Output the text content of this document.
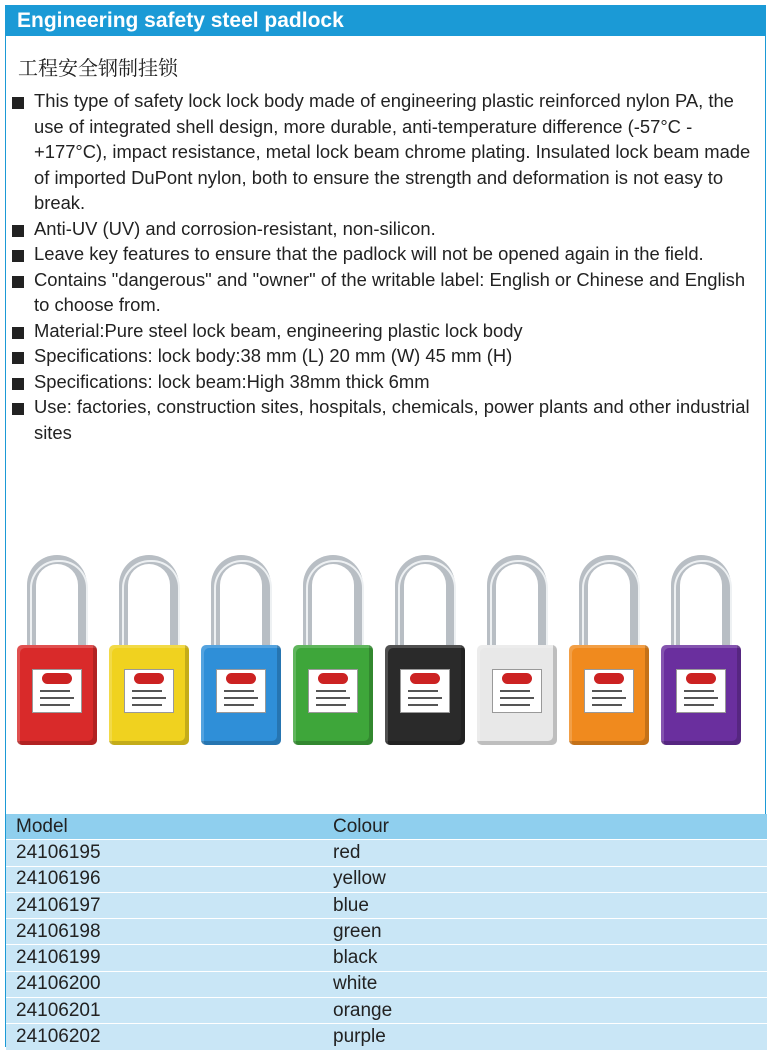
Engineering safety steel padlock
工程安全钢制挂锁
This type of safety lock lock body made of engineering plastic reinforced nylon PA, the use of integrated shell design, more durable, anti-temperature difference (-57°C - +177°C), impact resistance, metal lock beam chrome plating. Insulated lock beam made of imported DuPont nylon, both to ensure the strength and deformation is not easy to break.
Anti-UV (UV) and corrosion-resistant, non-silicon.
Leave key features to ensure that the padlock will not be opened again in the field.
Contains "dangerous" and "owner" of the writable label: English or Chinese and English to choose from.
Material:Pure steel lock beam, engineering plastic lock body
Specifications: lock body:38 mm (L) 20 mm (W) 45 mm (H)
Specifications: lock beam:High 38mm thick 6mm
Use: factories, construction sites, hospitals, chemicals, power plants and other industrial sites
Model	Colour
24106195	red
24106196	yellow
24106197	blue
24106198	green
24106199	black
24106200	white
24106201	orange
24106202	purple
